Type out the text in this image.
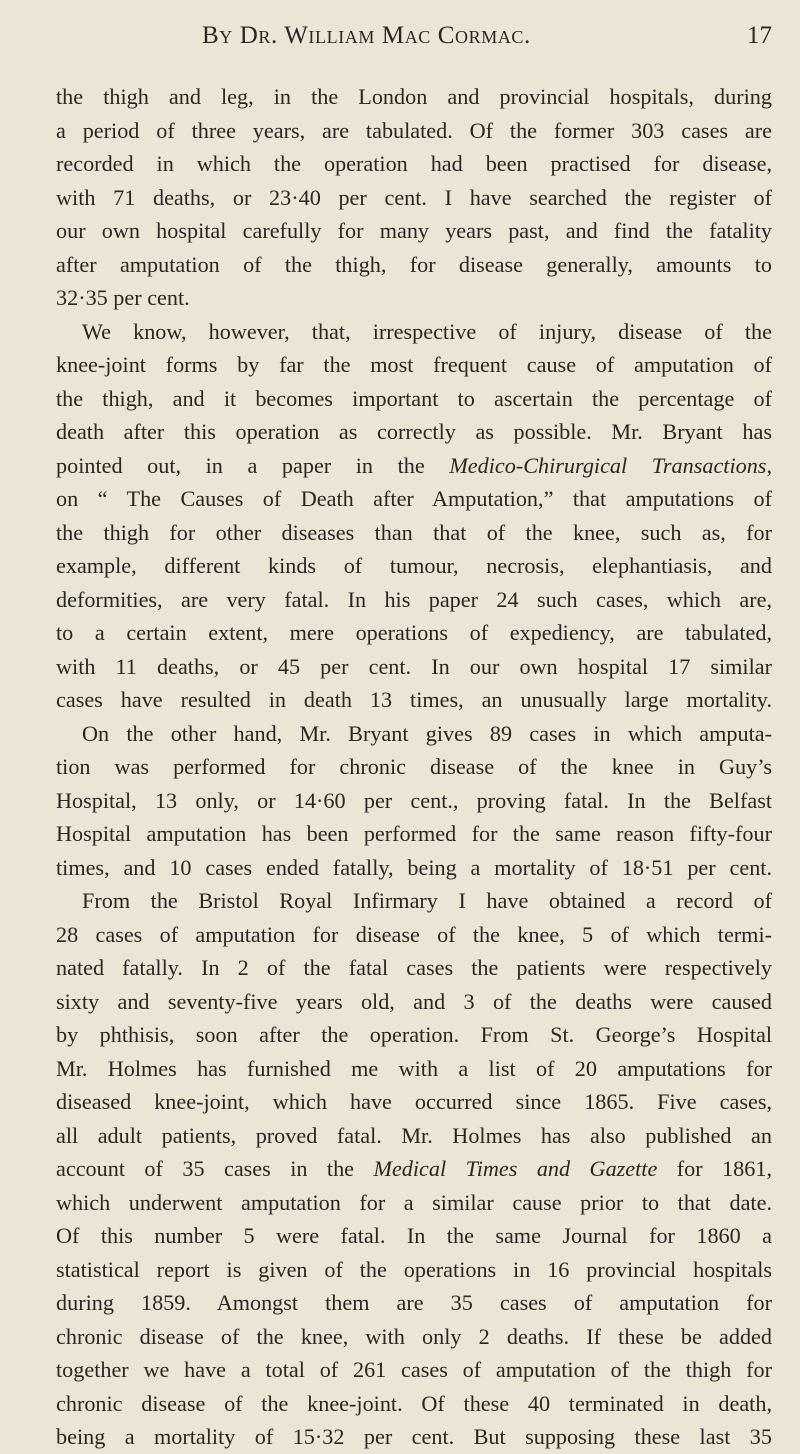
By Dr. William Mac Cormac.	17
the thigh and leg, in the London and provincial hospitals, during
a period of three years, are tabulated. Of the former 303 cases are
recorded in which the operation had been practised for disease,
with 71 deaths, or 23·40 per cent. I have searched the register of
our own hospital carefully for many years past, and find the fatality
after amputation of the thigh, for disease generally, amounts to
32·35 per cent.
We know, however, that, irrespective of injury, disease of the
knee-joint forms by far the most frequent cause of amputation of
the thigh, and it becomes important to ascertain the percentage of
death after this operation as correctly as possible. Mr. Bryant has
pointed out, in a paper in the Medico-Chirurgical Transactions,
on “ The Causes of Death after Amputation,” that amputations of
the thigh for other diseases than that of the knee, such as, for
example, different kinds of tumour, necrosis, elephantiasis, and
deformities, are very fatal. In his paper 24 such cases, which are,
to a certain extent, mere operations of expediency, are tabulated,
with 11 deaths, or 45 per cent. In our own hospital 17 similar
cases have resulted in death 13 times, an unusually large mortality.
On the other hand, Mr. Bryant gives 89 cases in which amputa-
tion was performed for chronic disease of the knee in Guy’s
Hospital, 13 only, or 14·60 per cent., proving fatal. In the Belfast
Hospital amputation has been performed for the same reason fifty-four
times, and 10 cases ended fatally, being a mortality of 18·51 per cent.
From the Bristol Royal Infirmary I have obtained a record of
28 cases of amputation for disease of the knee, 5 of which termi-
nated fatally. In 2 of the fatal cases the patients were respectively
sixty and seventy-five years old, and 3 of the deaths were caused
by phthisis, soon after the operation. From St. George’s Hospital
Mr. Holmes has furnished me with a list of 20 amputations for
diseased knee-joint, which have occurred since 1865. Five cases,
all adult patients, proved fatal. Mr. Holmes has also published an
account of 35 cases in the Medical Times and Gazette for 1861,
which underwent amputation for a similar cause prior to that date.
Of this number 5 were fatal. In the same Journal for 1860 a
statistical report is given of the operations in 16 provincial hospitals
during 1859. Amongst them are 35 cases of amputation for
chronic disease of the knee, with only 2 deaths. If these be added
together we have a total of 261 cases of amputation of the thigh for
chronic disease of the knee-joint. Of these 40 terminated in death,
being a mortality of 15·32 per cent. But supposing these last 35
